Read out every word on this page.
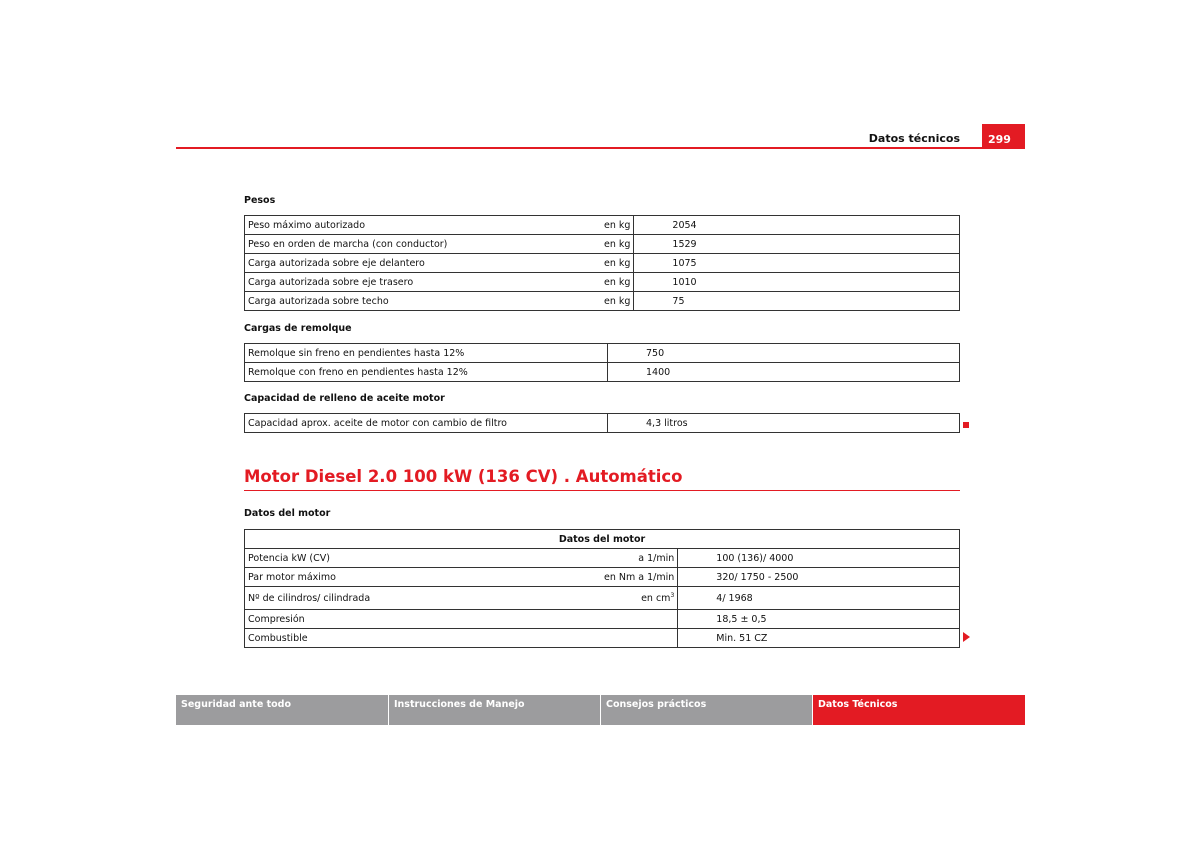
Datos técnicos	299
Pesos
Peso máximo autorizado	en kg	2054
Peso en orden de marcha (con conductor)	en kg	1529
Carga autorizada sobre eje delantero	en kg	1075
Carga autorizada sobre eje trasero	en kg	1010
Carga autorizada sobre techo	en kg	75
Cargas de remolque
Remolque sin freno en pendientes hasta 12%		750
Remolque con freno en pendientes hasta 12%		1400
Capacidad de relleno de aceite motor
Capacidad aprox. aceite de motor con cambio de filtro		4,3 litros
Motor Diesel 2.0 100 kW (136 CV) . Automático
Datos del motor
Datos del motor		
Potencia kW (CV)	a 1/min	100 (136)/ 4000
Par motor máximo	en Nm a 1/min	320/ 1750 - 2500
Nº de cilindros/ cilindrada	en $cm^3$	4/ 1968
Compresión		18,5 ± 0,5
Combustible		Min. 51 CZ
Seguridad ante todo	Instrucciones de Manejo	Consejos prácticos	Datos Técnicos
